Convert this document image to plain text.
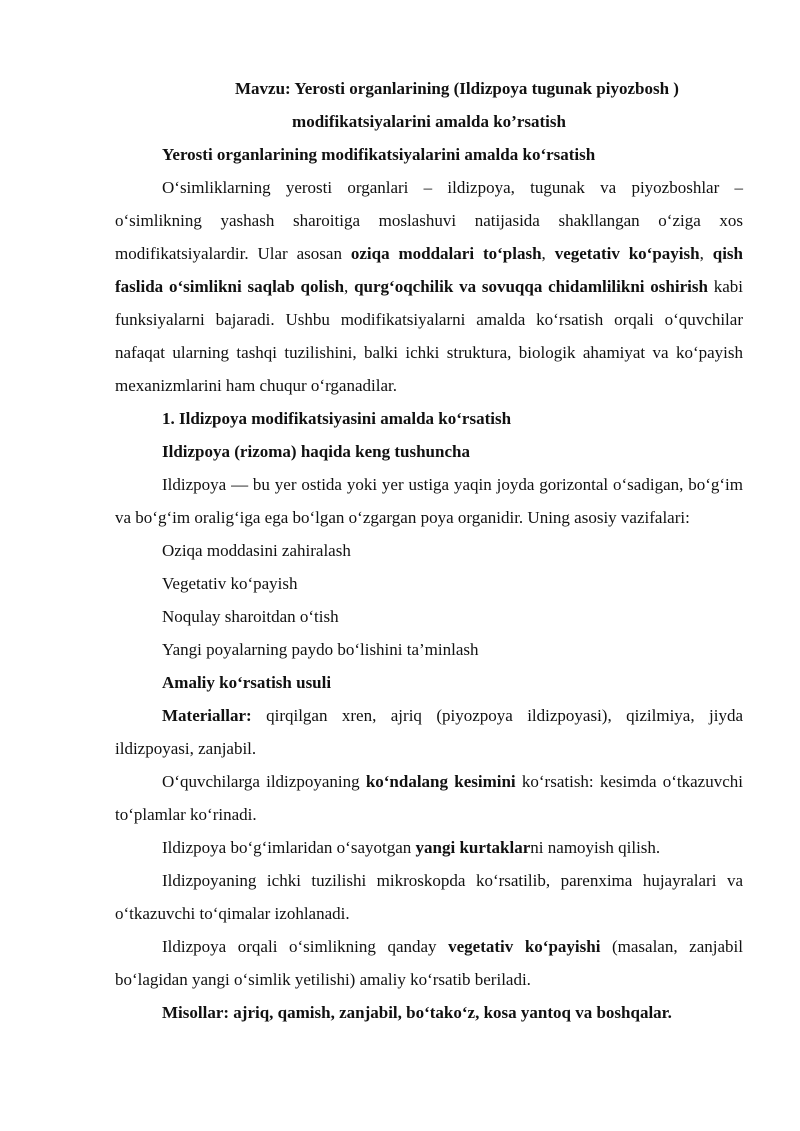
Mavzu: Yerosti organlarining (Ildizpoya tugunak piyozbosh )
modifikatsiyalarini amalda ko’rsatish

Yerosti organlarining modifikatsiyalarini amalda ko‘rsatish

O‘simliklarning yerosti organlari – ildizpoya, tugunak va piyozboshlar – o‘simlikning yashash sharoitiga moslashuvi natijasida shakllangan o‘ziga xos modifikatsiyalardir. Ular asosan oziqa moddalari to‘plash, vegetativ ko‘payish, qish faslida o‘simlikni saqlab qolish, qurg‘oqchilik va sovuqqa chidamlilikni oshirish kabi funksiyalarni bajaradi. Ushbu modifikatsiyalarni amalda ko‘rsatish orqali o‘quvchilar nafaqat ularning tashqi tuzilishini, balki ichki struktura, biologik ahamiyat va ko‘payish mexanizmlarini ham chuqur o‘rganadilar.

1. Ildizpoya modifikatsiyasini amalda ko‘rsatish

Ildizpoya (rizoma) haqida keng tushuncha

Ildizpoya — bu yer ostida yoki yer ustiga yaqin joyda gorizontal o‘sadigan, bo‘g‘im va bo‘g‘im oralig‘iga ega bo‘lgan o‘zgargan poya organidir. Uning asosiy vazifalari:

Oziqa moddasini zahiralash

Vegetativ ko‘payish

Noqulay sharoitdan o‘tish

Yangi poyalarning paydo bo‘lishini ta’minlash

Amaliy ko‘rsatish usuli

Materiallar: qirqilgan xren, ajriq (piyozpoya ildizpoyasi), qizilmiya, jiyda ildizpoyasi, zanjabil.

O‘quvchilarga ildizpoyaning ko‘ndalang kesimini ko‘rsatish: kesimda o‘tkazuvchi to‘plamlar ko‘rinadi.

Ildizpoya bo‘g‘imlaridan o‘sayotgan yangi kurtaklarni namoyish qilish.

Ildizpoyaning ichki tuzilishi mikroskopda ko‘rsatilib, parenxima hujayralari va o‘tkazuvchi to‘qimalar izohlanadi.

Ildizpoya orqali o‘simlikning qanday vegetativ ko‘payishi (masalan, zanjabil bo‘lagidan yangi o‘simlik yetilishi) amaliy ko‘rsatib beriladi.

Misollar: ajriq, qamish, zanjabil, bo‘tako‘z, kosa yantoq va boshqalar.
